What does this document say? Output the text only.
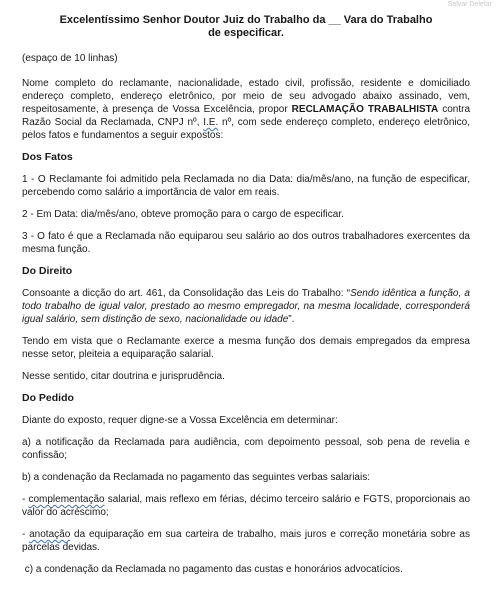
Salvar Deletar
Excelentíssimo Senhor Doutor Juiz do Trabalho da __ Vara do Trabalho
de especificar.

(espaço de 10 linhas)

Nome completo do reclamante, nacionalidade, estado civil, profissão, residente e domiciliado endereço completo, endereço eletrônico, por meio de seu advogado abaixo assinado, vem, respeitosamente, à presença de Vossa Excelência, propor RECLAMAÇÃO TRABALHISTA contra Razão Social da Reclamada, CNPJ nº, I.E. nº, com sede endereço completo, endereço eletrônico, pelos fatos e fundamentos a seguir expostos:

Dos Fatos

1 - O Reclamante foi admitido pela Reclamada no dia Data: dia/mês/ano, na função de especificar, percebendo como salário a importância de valor em reais.

2 - Em Data: dia/mês/ano, obteve promoção para o cargo de especificar.

3 - O fato é que a Reclamada não equiparou seu salário ao dos outros trabalhadores exercentes da mesma função.

Do Direito

Consoante a dicção do art. 461, da Consolidação das Leis do Trabalho: “Sendo idêntica a função, a todo trabalho de igual valor, prestado ao mesmo empregador, na mesma localidade, corresponderá igual salário, sem distinção de sexo, nacionalidade ou idade”.

Tendo em vista que o Reclamante exerce a mesma função dos demais empregados da empresa nesse setor, pleiteia a equiparação salarial.

Nesse sentido, citar doutrina e jurisprudência.

Do Pedido

Diante do exposto, requer digne-se a Vossa Excelência em determinar:

a) a notificação da Reclamada para audiência, com depoimento pessoal, sob pena de revelia e confissão;

b) a condenação da Reclamada no pagamento das seguintes verbas salariais:

- complementação salarial, mais reflexo em férias, décimo terceiro salário e FGTS, proporcionais ao valor do acréscimo;

- anotação da equiparação em sua carteira de trabalho, mais juros e correção monetária sobre as parcelas devidas.

c) a condenação da Reclamada no pagamento das custas e honorários advocatícios.
